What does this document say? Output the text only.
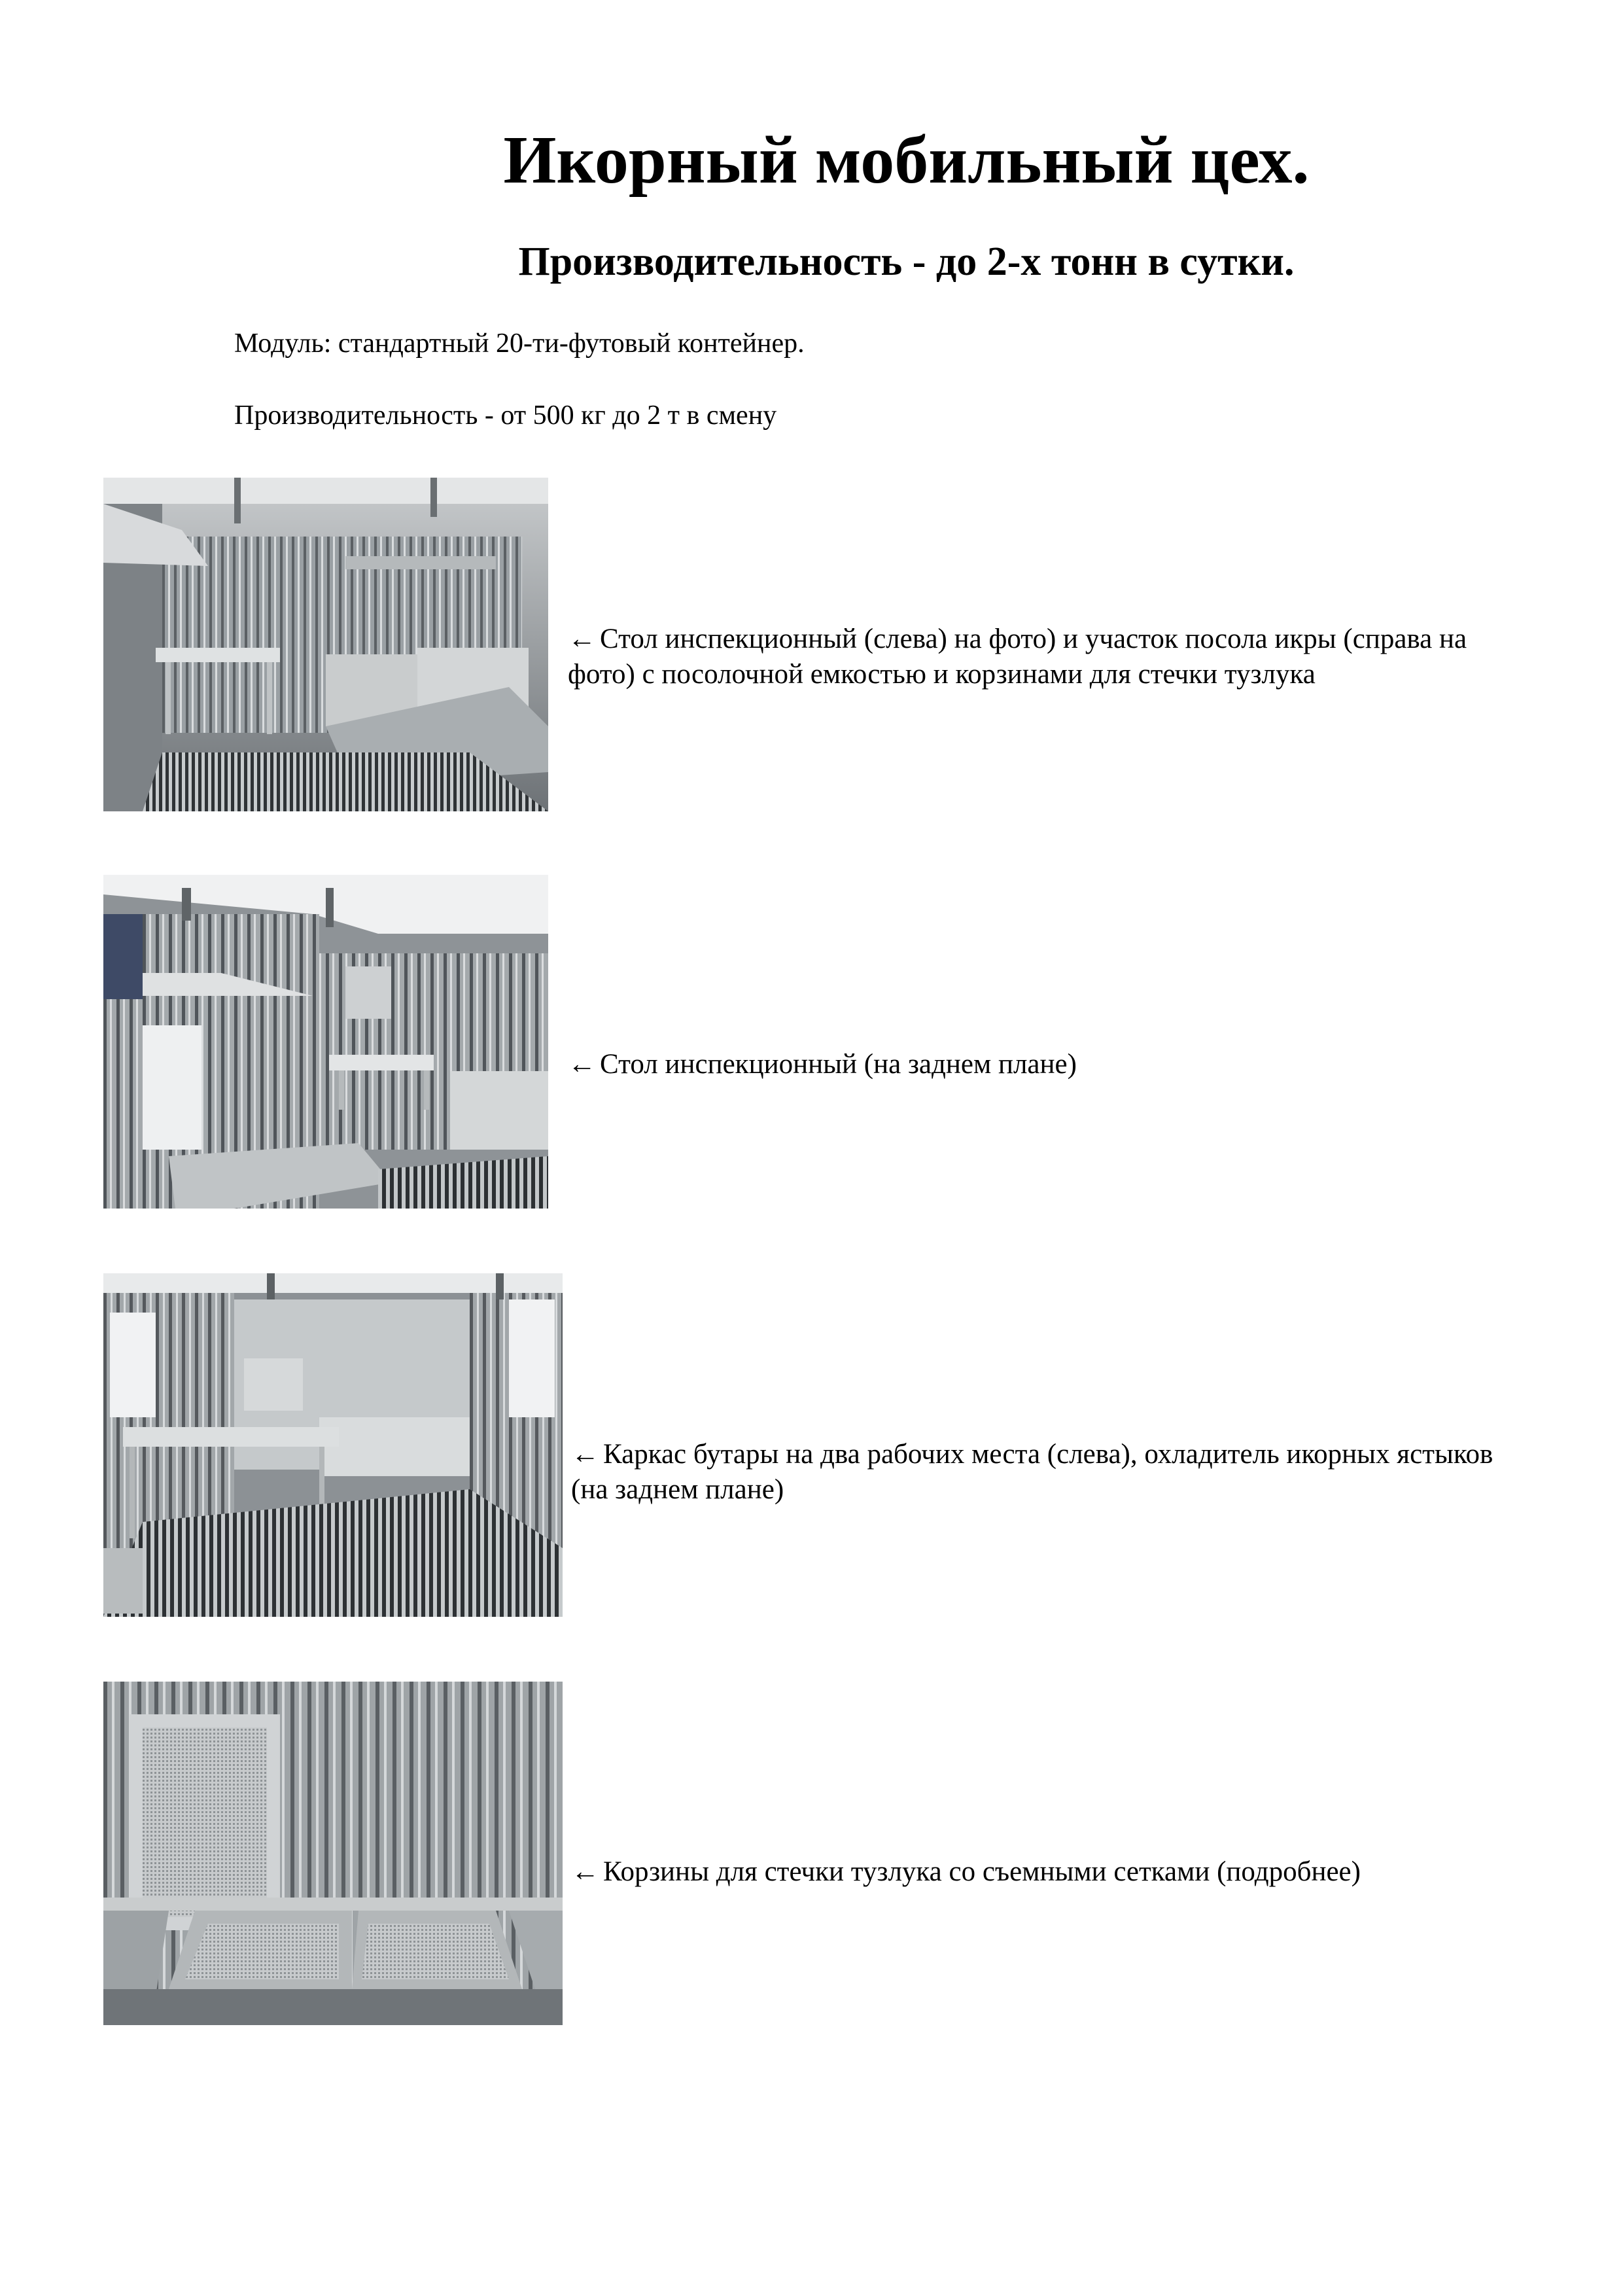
Икорный мобильный цех.
Производительность - до 2-х тонн в сутки.

Модуль: стандартный 20-ти-футовый контейнер.

Производительность - от 500 кг до 2 т в смену

← Стол инспекционный (слева) на фото) и участок посола икры (справа на фото) с посолочной емкостью и корзинами для стечки тузлука

← Стол инспекционный (на заднем плане)

← Каркас бутары на два рабочих места (слева), охладитель икорных ястыков (на заднем плане)

← Корзины для стечки тузлука со съемными сетками (подробнее)
